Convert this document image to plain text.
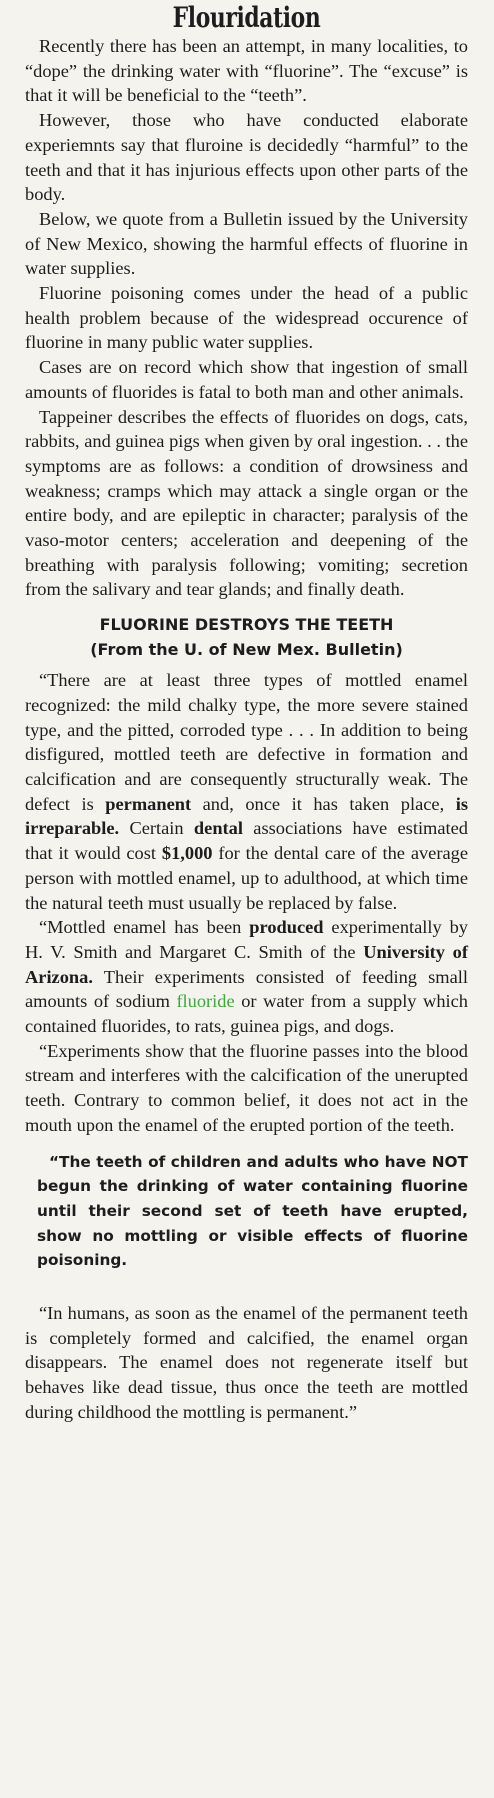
Flouridation

Recently there has been an attempt, in many localities, to “dope” the drinking water with “fluorine”. The “excuse” is that it will be beneficial to the “teeth”.

However, those who have conducted elaborate experiemnts say that fluroine is decidedly “harmful” to the teeth and that it has injurious effects upon other parts of the body.

Below, we quote from a Bulletin issued by the University of New Mexico, showing the harmful effects of fluorine in water supplies.

Fluorine poisoning comes under the head of a public health problem because of the widespread occurence of fluorine in many public water supplies.

Cases are on record which show that ingestion of small amounts of fluorides is fatal to both man and other animals.

Tappeiner describes the effects of fluorides on dogs, cats, rabbits, and guinea pigs when given by oral ingestion. . . the symptoms are as follows: a condition of drowsiness and weakness; cramps which may attack a single organ or the entire body, and are epileptic in character; paralysis of the vaso-motor centers; acceleration and deepening of the breathing with paralysis following; vomiting; secretion from the salivary and tear glands; and finally death.

FLUORINE DESTROYS THE TEETH
(From the U. of New Mex. Bulletin)

“There are at least three types of mottled enamel recognized: the mild chalky type, the more severe stained type, and the pitted, corroded type . . . In addition to being disfigured, mottled teeth are defective in formation and calcification and are consequently structurally weak. The defect is permanent and, once it has taken place, is irreparable. Certain dental associations have estimated that it would cost $1,000 for the dental care of the average person with mottled enamel, up to adulthood, at which time the natural teeth must usually be replaced by false.

“Mottled enamel has been produced experimentally by H. V. Smith and Margaret C. Smith of the University of Arizona. Their experiments consisted of feeding small amounts of sodium fluoride or water from a supply which contained fluorides, to rats, guinea pigs, and dogs.

“Experiments show that the fluorine passes into the blood stream and interferes with the calcification of the unerupted teeth. Contrary to common belief, it does not act in the mouth upon the enamel of the erupted portion of the teeth.

“The teeth of children and adults who have NOT begun the drinking of water containing fluorine until their second set of teeth have erupted, show no mottling or visible effects of fluorine poisoning.

“In humans, as soon as the enamel of the permanent teeth is completely formed and calcified, the enamel organ disappears. The enamel does not regenerate itself but behaves like dead tissue, thus once the teeth are mottled during childhood the mottling is permanent.”
